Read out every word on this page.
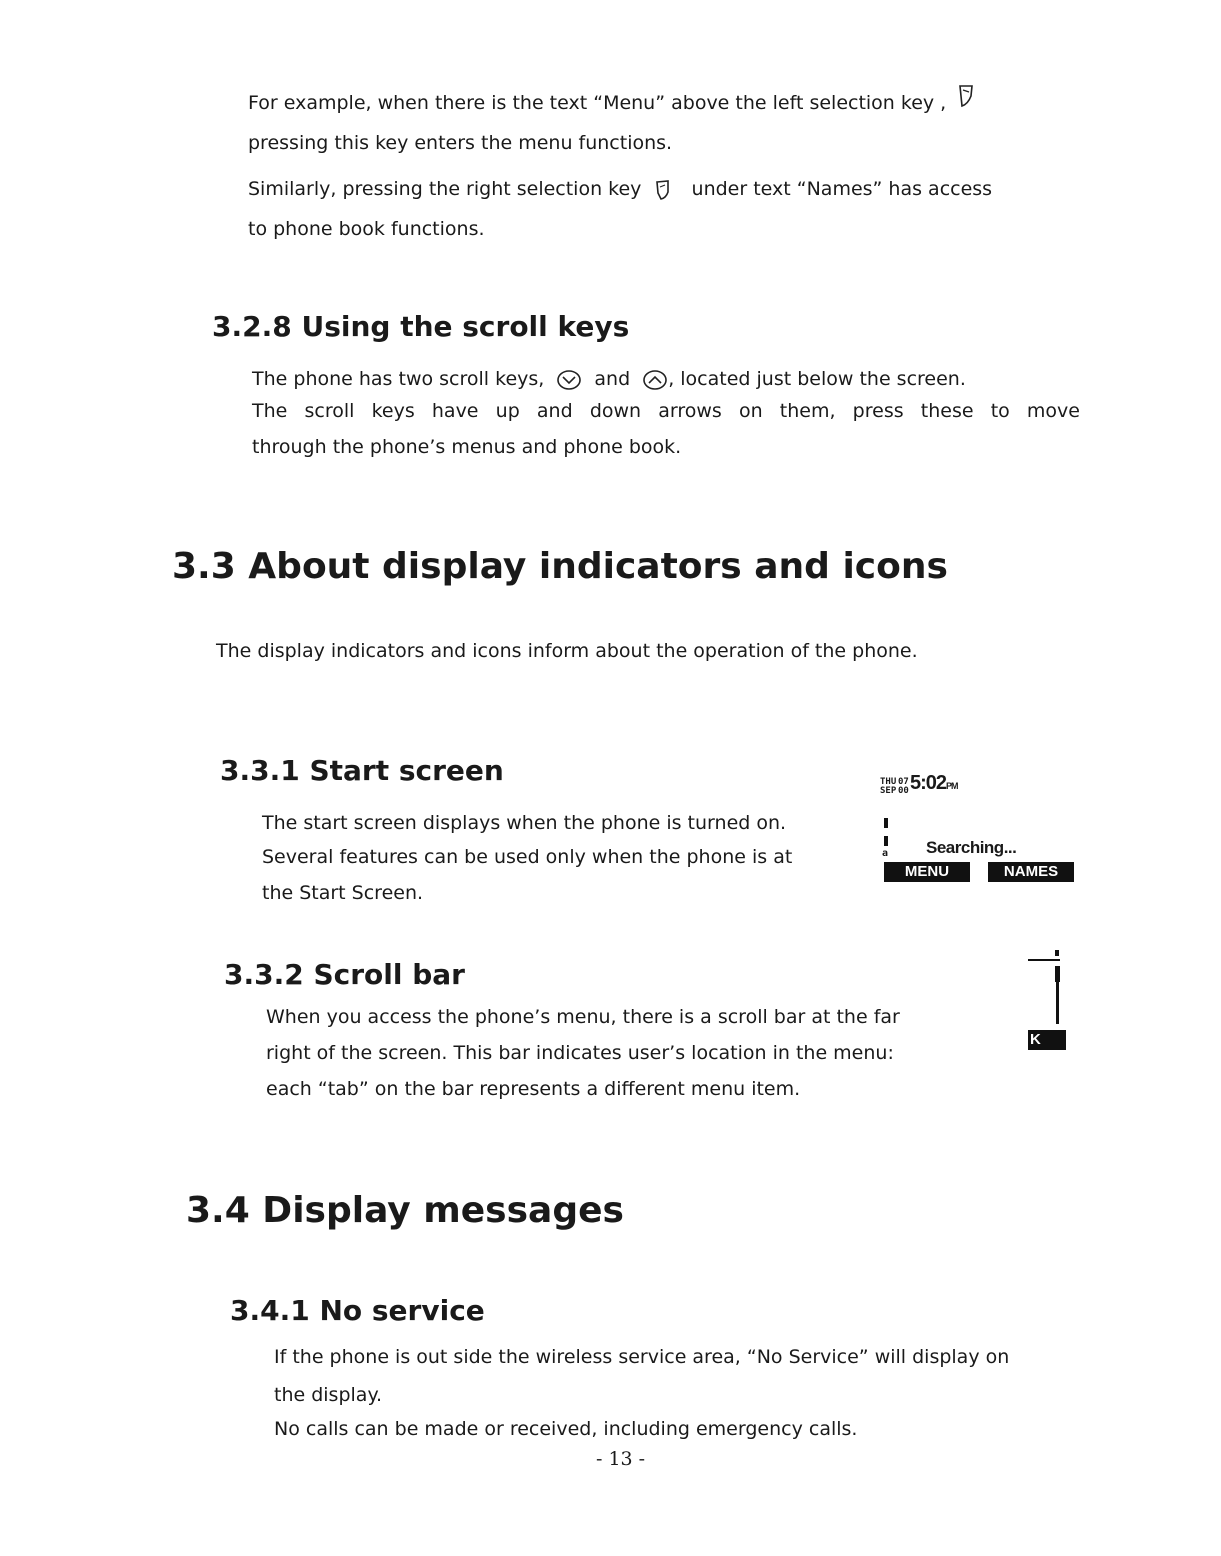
For example, when there is the text “Menu” above the left selection key ,

pressing this key enters the menu functions.

Similarly, pressing the right selection key	under text “Names” has access

to phone book functions.

3.2.8 Using the scroll keys

The phone has two scroll keys,	and , located just below the screen.

The scroll keys have up and down arrows on them, press these to move

through the phone’s menus and phone book.

3.3 About display indicators and icons

The display indicators and icons inform about the operation of the phone.

3.3.1 Start screen

The start screen displays when the phone is turned on.

Several features can be used only when the phone is at

the Start Screen.

THU
SEP
07
00 5:02PM
a Searching...
MENU	NAMES
3.3.2 Scroll bar

When you access the phone’s menu, there is a scroll bar at the far

right of the screen. This bar indicates user’s location in the menu:

each “tab” on the bar represents a different menu item.

K
3.4 Display messages
3.4.1 No service

If the phone is out side the wireless service area, “No Service” will display on

the display.

No calls can be made or received, including emergency calls.

- 13 -
